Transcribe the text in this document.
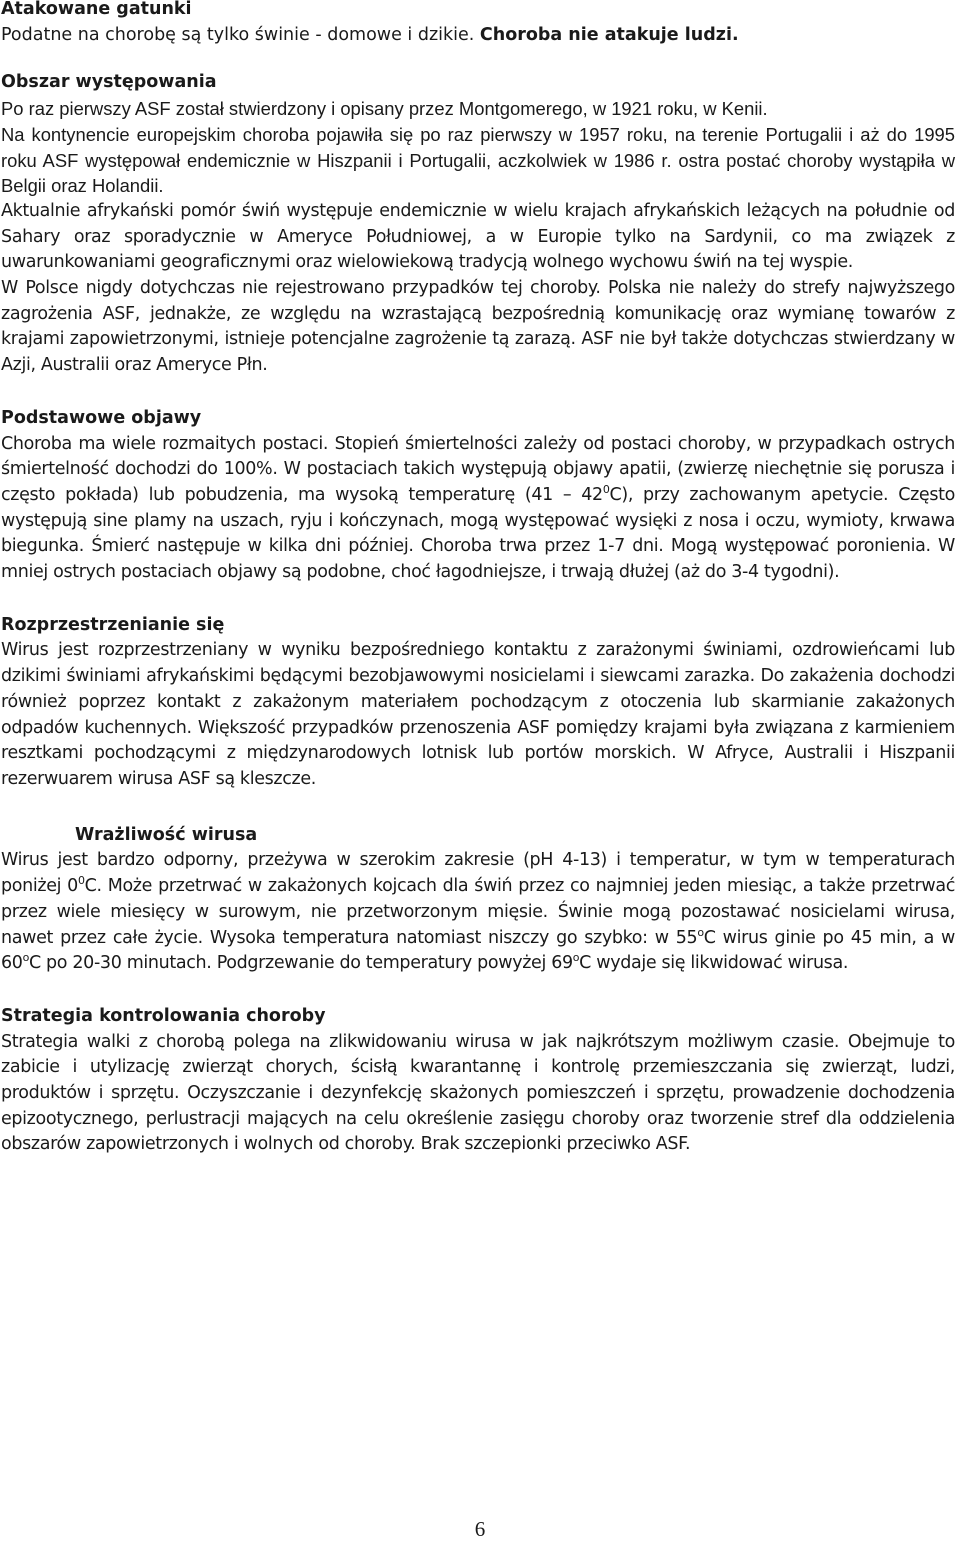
Atakowane gatunki

Podatne na chorobę są tylko świnie - domowe i dzikie. Choroba nie atakuje ludzi.

Obszar występowania

Po raz pierwszy ASF został stwierdzony i opisany przez Montgomerego, w 1921 roku, w Kenii.

Na kontynencie europejskim choroba pojawiła się po raz pierwszy w 1957 roku, na terenie Portugalii i aż do 1995 roku ASF występował endemicznie w Hiszpanii i Portugalii, aczkolwiek w 1986 r. ostra postać choroby wystąpiła w Belgii oraz Holandii.

Aktualnie afrykański pomór świń występuje endemicznie w wielu krajach afrykańskich leżących na południe od Sahary oraz sporadycznie w Ameryce Południowej, a w Europie tylko na Sardynii, co ma związek z uwarunkowaniami geograficznymi oraz wielowiekową tradycją wolnego wychowu świń na tej wyspie.

W Polsce nigdy dotychczas nie rejestrowano przypadków tej choroby. Polska nie należy do strefy najwyższego zagrożenia ASF, jednakże, ze względu na wzrastającą bezpośrednią komunikację oraz wymianę towarów z krajami zapowietrzonymi, istnieje potencjalne zagrożenie tą zarazą. ASF nie był także dotychczas stwierdzany w Azji, Australii oraz Ameryce Płn.

Podstawowe objawy

Choroba ma wiele rozmaitych postaci. Stopień śmiertelności zależy od postaci choroby, w przypadkach ostrych śmiertelność dochodzi do 100%. W postaciach takich występują objawy apatii, (zwierzę niechętnie się porusza i często pokłada) lub pobudzenia, ma wysoką temperaturę $(41 - 42^0C)$, przy zachowanym apetycie. Często występują sine plamy na uszach, ryju i kończynach, mogą występować wysięki z nosa i oczu, wymioty, krwawa biegunka. Śmierć następuje w kilka dni później. Choroba trwa przez 1-7 dni. Mogą występować poronienia. W mniej ostrych postaciach objawy są podobne, choć łagodniejsze, i trwają dłużej (aż do 3-4 tygodni).

Rozprzestrzenianie się

Wirus jest rozprzestrzeniany w wyniku bezpośredniego kontaktu z zarażonymi świniami, ozdrowieńcami lub dzikimi świniami afrykańskimi będącymi bezobjawowymi nosicielami i siewcami zarazka. Do zakażenia dochodzi również poprzez kontakt z zakażonym materiałem pochodzącym z otoczenia lub skarmianie zakażonych odpadów kuchennych. Większość przypadków przenoszenia ASF pomiędzy krajami była związana z karmieniem resztkami pochodzącymi z międzynarodowych lotnisk lub portów morskich. W Afryce, Australii i Hiszpanii rezerwuarem wirusa ASF są kleszcze.

Wrażliwość wirusa

Wirus jest bardzo odporny, przeżywa w szerokim zakresie (pH 4-13) i temperatur, w tym w temperaturach poniżej $0^0C$. Może przetrwać w zakażonych kojcach dla świń przez co najmniej jeden miesiąc, a także przetrwać przez wiele miesięcy w surowym, nie przetworzonym mięsie. Świnie mogą pozostawać nosicielami wirusa, nawet przez całe życie. Wysoka temperatura natomiast niszczy go szybko: w 55$^o$C wirus ginie po 45 min, a w 60$^o$C po 20-30 minutach. Podgrzewanie do temperatury powyżej 69$^o$C wydaje się likwidować wirusa.

Strategia kontrolowania choroby

Strategia walki z chorobą polega na zlikwidowaniu wirusa w jak najkrótszym możliwym czasie. Obejmuje to zabicie i utylizację zwierząt chorych, ścisłą kwarantannę i kontrolę przemieszczania się zwierząt, ludzi, produktów i sprzętu. Oczyszczanie i dezynfekcję skażonych pomieszczeń i sprzętu, prowadzenie dochodzenia epizootycznego, perlustracji mających na celu określenie zasięgu choroby oraz tworzenie stref dla oddzielenia obszarów zapowietrzonych i wolnych od choroby. Brak szczepionki przeciwko ASF.

6
